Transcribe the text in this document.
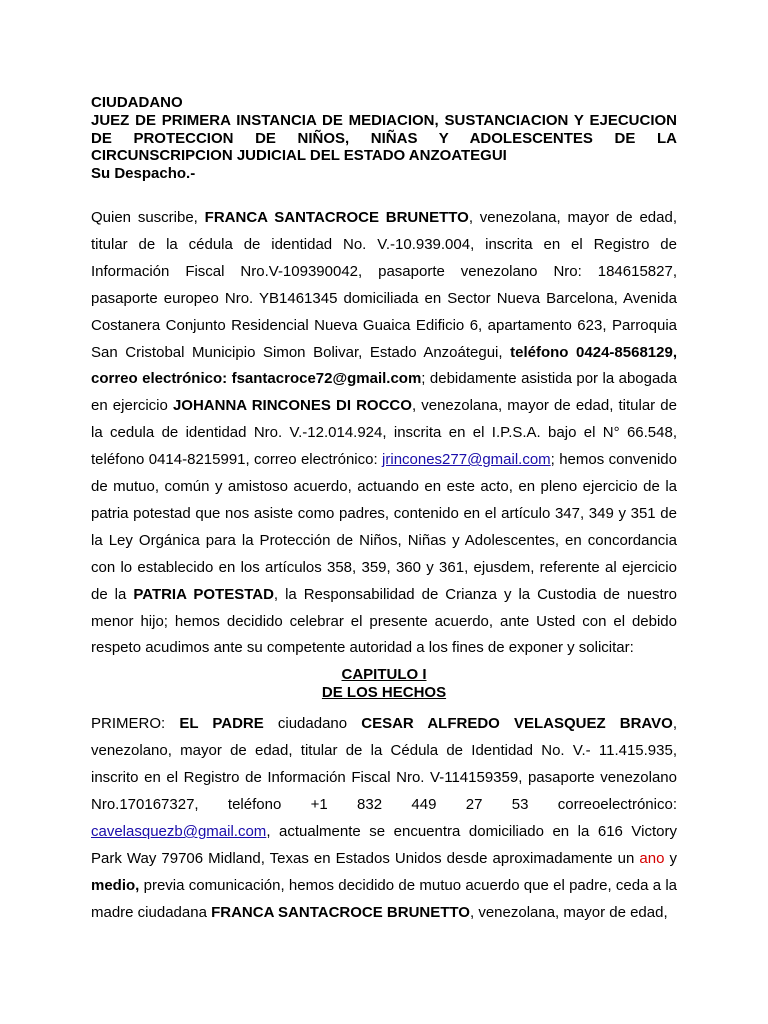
CIUDADANO
JUEZ DE PRIMERA INSTANCIA DE MEDIACION, SUSTANCIACION Y EJECUCION
DE PROTECCION DE NIÑOS, NIÑAS Y ADOLESCENTES DE LA
CIRCUNSCRIPCION JUDICIAL DEL ESTADO ANZOATEGUI
Su Despacho.-

Quien suscribe, FRANCA SANTACROCE BRUNETTO, venezolana, mayor de edad, titular de la cédula de identidad No. V.-10.939.004, inscrita en el Registro de Información Fiscal Nro.V-109390042, pasaporte venezolano Nro: 184615827, pasaporte europeo Nro. YB1461345 domiciliada en Sector Nueva Barcelona, Avenida Costanera Conjunto Residencial Nueva Guaica Edificio 6, apartamento 623, Parroquia San Cristobal Municipio Simon Bolivar, Estado Anzoátegui, teléfono 0424-8568129, correo electrónico: fsantacroce72@gmail.com; debidamente asistida por la abogada en ejercicio JOHANNA RINCONES DI ROCCO, venezolana, mayor de edad, titular de la cedula de identidad Nro. V.-12.014.924, inscrita en el I.P.S.A. bajo el N° 66.548, teléfono 0414-8215991, correo electrónico: jrincones277@gmail.com; hemos convenido de mutuo, común y amistoso acuerdo, actuando en este acto, en pleno ejercicio de la patria potestad que nos asiste como padres, contenido en el artículo 347, 349 y 351 de la Ley Orgánica para la Protección de Niños, Niñas y Adolescentes, en concordancia con lo establecido en los artículos 358, 359, 360 y 361, ejusdem, referente al ejercicio de la PATRIA POTESTAD, la Responsabilidad de Crianza y la Custodia de nuestro menor hijo; hemos decidido celebrar el presente acuerdo, ante Usted con el debido respeto acudimos ante su competente autoridad a los fines de exponer y solicitar:

CAPITULO I
DE LOS HECHOS

PRIMERO: EL PADRE ciudadano CESAR ALFREDO VELASQUEZ BRAVO, venezolano, mayor de edad, titular de la Cédula de Identidad No. V.- 11.415.935, inscrito en el Registro de Información Fiscal Nro. V-114159359, pasaporte venezolano Nro.170167327, teléfono +1 832 449 27 53 correoelectrónico: cavelasquezb@gmail.com, actualmente se encuentra domiciliado en la 616 Victory Park Way 79706 Midland, Texas en Estados Unidos desde aproximadamente un ano y medio, previa comunicación, hemos decidido de mutuo acuerdo que el padre, ceda a la madre ciudadana FRANCA SANTACROCE BRUNETTO, venezolana, mayor de edad,
